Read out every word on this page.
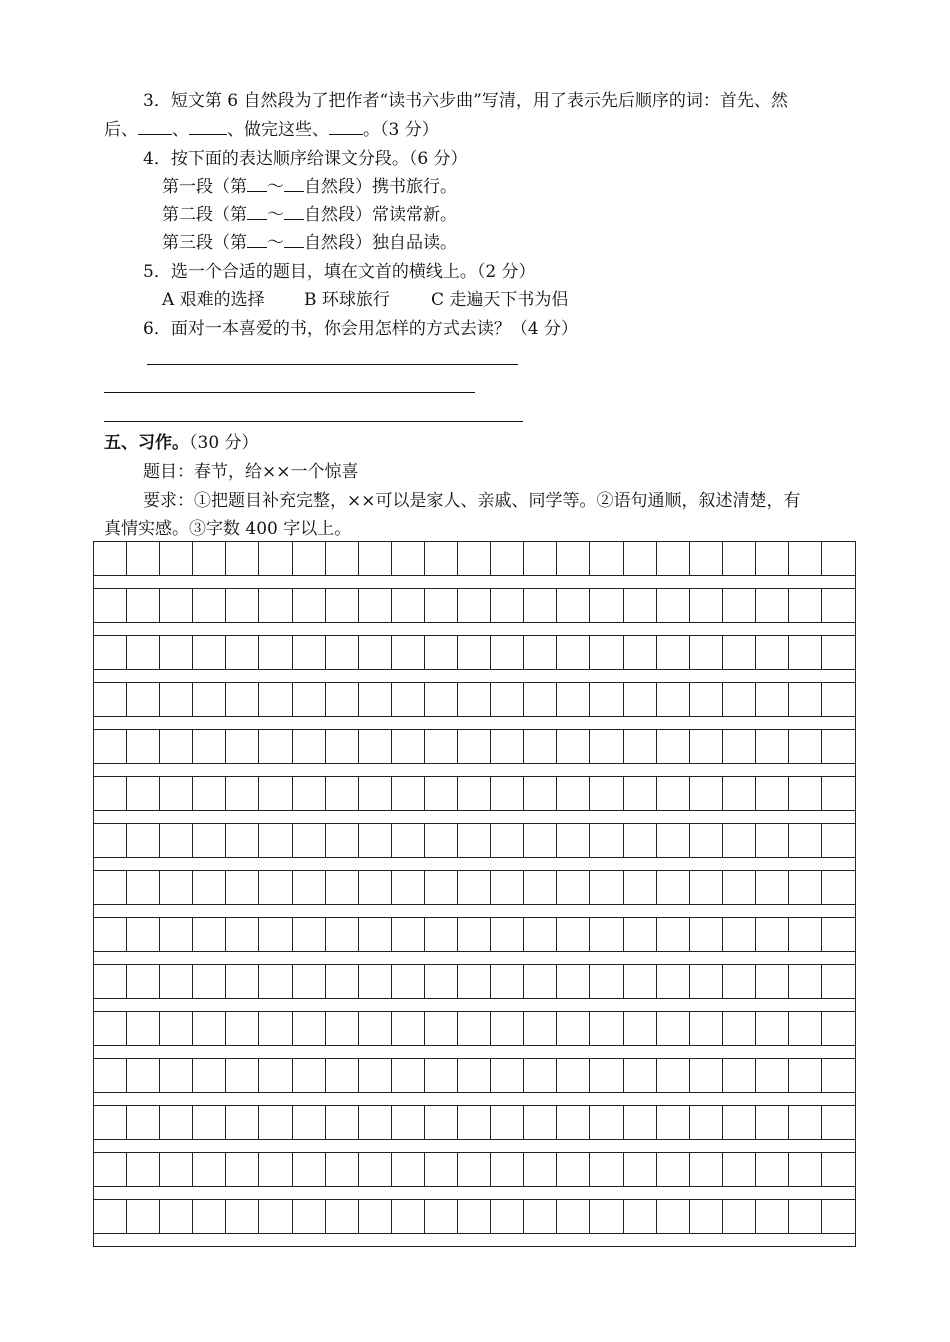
3．短文第 6 自然段为了把作者“读书六步曲”写清，用了表示先后顺序的词：首先、然
后、 、 、做完这些、 。（3 分）
4．按下面的表达顺序给课文分段。（6 分）
第一段（第 ～ 自然段）携书旅行。
第二段（第 ～ 自然段）常读常新。
第三段（第 ～ 自然段）独自品读。
5．选一个合适的题目，填在文首的横线上。（2 分）
A 艰难的选择 B 环球旅行 C 走遍天下书为侣
6．面对一本喜爱的书，你会用怎样的方式去读？（4 分）
五、习作。（30 分）
题目：春节，给××一个惊喜
要求：①把题目补充完整，××可以是家人、亲戚、同学等。②语句通顺，叙述清楚，有
真情实感。③字数 400 字以上。
